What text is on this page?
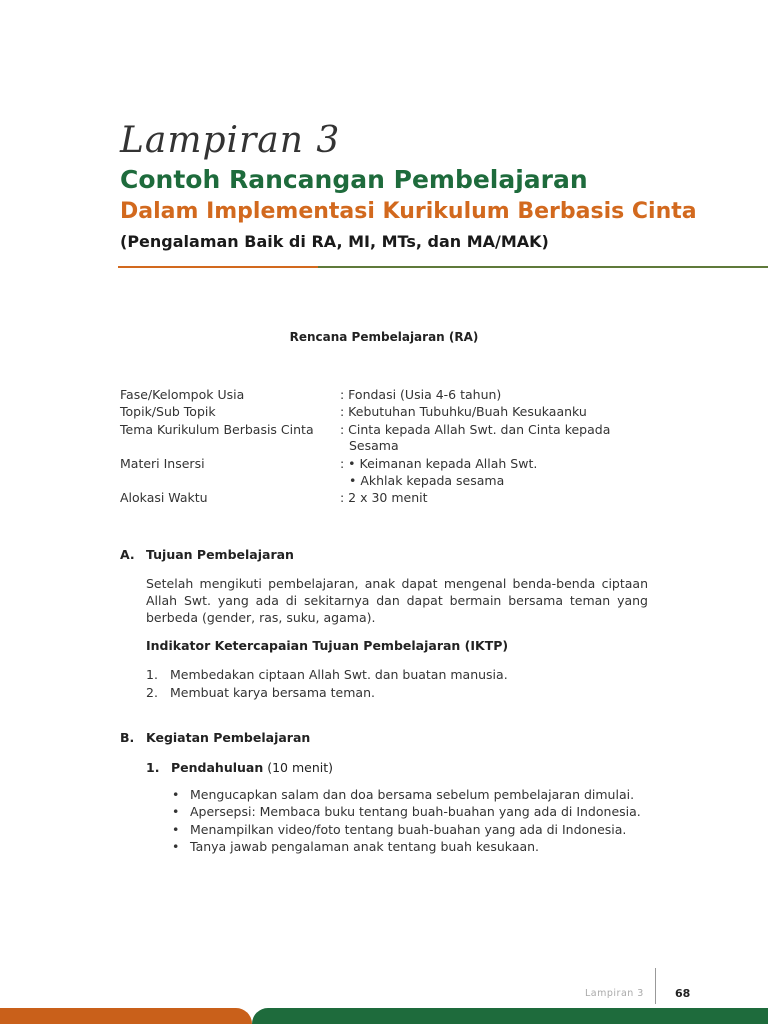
Lampiran 3
Contoh Rancangan Pembelajaran
Dalam Implementasi Kurikulum Berbasis Cinta
(Pengalaman Baik di RA, MI, MTs, dan MA/MAK)
Rencana Pembelajaran (RA)
Fase/Kelompok Usia	: Fondasi (Usia 4-6 tahun)
Topik/Sub Topik	: Kebutuhan Tubuhku/Buah Kesukaanku
Tema Kurikulum Berbasis Cinta : Cinta kepada Allah Swt. dan Cinta kepada
Sesama
Materi Insersi	: • Keimanan kepada Allah Swt.
• Akhlak kepada sesama
Alokasi Waktu	: 2 x 30 menit
A. Tujuan Pembelajaran
Setelah mengikuti pembelajaran, anak dapat mengenal benda-benda ciptaan Allah Swt. yang ada di sekitarnya dan dapat bermain bersama teman yang berbeda (gender, ras, suku, agama).
Indikator Ketercapaian Tujuan Pembelajaran (IKTP)
1. Membedakan ciptaan Allah Swt. dan buatan manusia.
2. Membuat karya bersama teman.
B. Kegiatan Pembelajaran
1. Pendahuluan (10 menit)
• Mengucapkan salam dan doa bersama sebelum pembelajaran dimulai.
• Apersepsi: Membaca buku tentang buah-buahan yang ada di Indonesia.
• Menampilkan video/foto tentang buah-buahan yang ada di Indonesia.
• Tanya jawab pengalaman anak tentang buah kesukaan.
Lampiran 3	68
